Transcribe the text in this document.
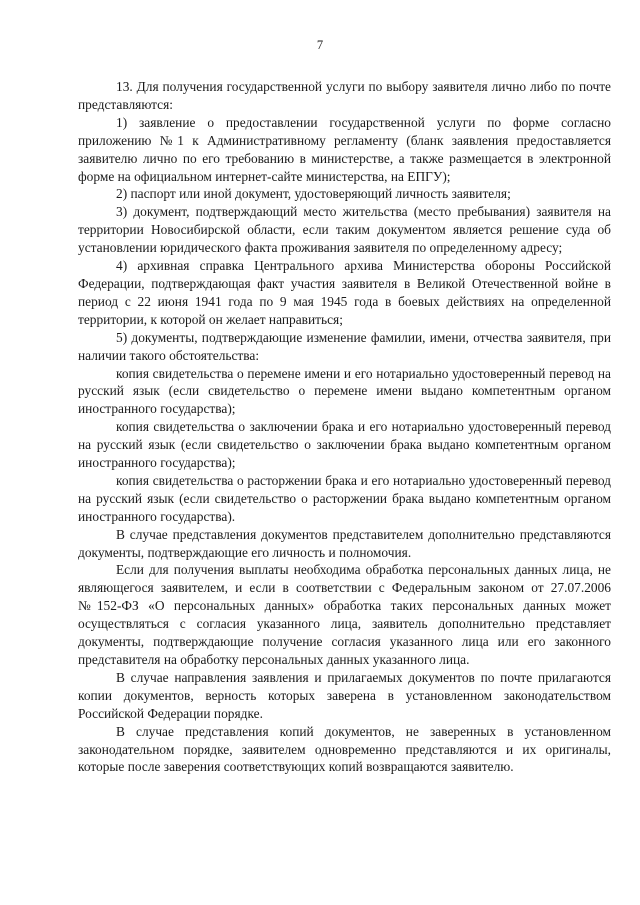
7

13. Для получения государственной услуги по выбору заявителя лично либо по почте представляются:

1) заявление о предоставлении государственной услуги по форме согласно приложению №1 к Административному регламенту (бланк заявления предоставляется заявителю лично по его требованию в министерстве, а также размещается в электронной форме на официальном интернет-сайте министерства, на ЕПГУ);

2) паспорт или иной документ, удостоверяющий личность заявителя;

3) документ, подтверждающий место жительства (место пребывания) заявителя на территории Новосибирской области, если таким документом является решение суда об установлении юридического факта проживания заявителя по определенному адресу;

4) архивная справка Центрального архива Министерства обороны Российской Федерации, подтверждающая факт участия заявителя в Великой Отечественной войне в период с 22 июня 1941 года по 9 мая 1945 года в боевых действиях на определенной территории, к которой он желает направиться;

5) документы, подтверждающие изменение фамилии, имени, отчества заявителя, при наличии такого обстоятельства:

копия свидетельства о перемене имени и его нотариально удостоверенный перевод на русский язык (если свидетельство о перемене имени выдано компетентным органом иностранного государства);

копия свидетельства о заключении брака и его нотариально удостоверенный перевод на русский язык (если свидетельство о заключении брака выдано компетентным органом иностранного государства);

копия свидетельства о расторжении брака и его нотариально удостоверенный перевод на русский язык (если свидетельство о расторжении брака выдано компетентным органом иностранного государства).

В случае представления документов представителем дополнительно представляются документы, подтверждающие его личность и полномочия.

Если для получения выплаты необходима обработка персональных данных лица, не являющегося заявителем, и если в соответствии с Федеральным законом от 27.07.2006 №152-ФЗ «О персональных данных» обработка таких персональных данных может осуществляться с согласия указанного лица, заявитель дополнительно представляет документы, подтверждающие получение согласия указанного лица или его законного представителя на обработку персональных данных указанного лица.

В случае направления заявления и прилагаемых документов по почте прилагаются копии документов, верность которых заверена в установленном законодательством Российской Федерации порядке.

В случае представления копий документов, не заверенных в установленном законодательном порядке, заявителем одновременно представляются и их оригиналы, которые после заверения соответствующих копий возвращаются заявителю.
